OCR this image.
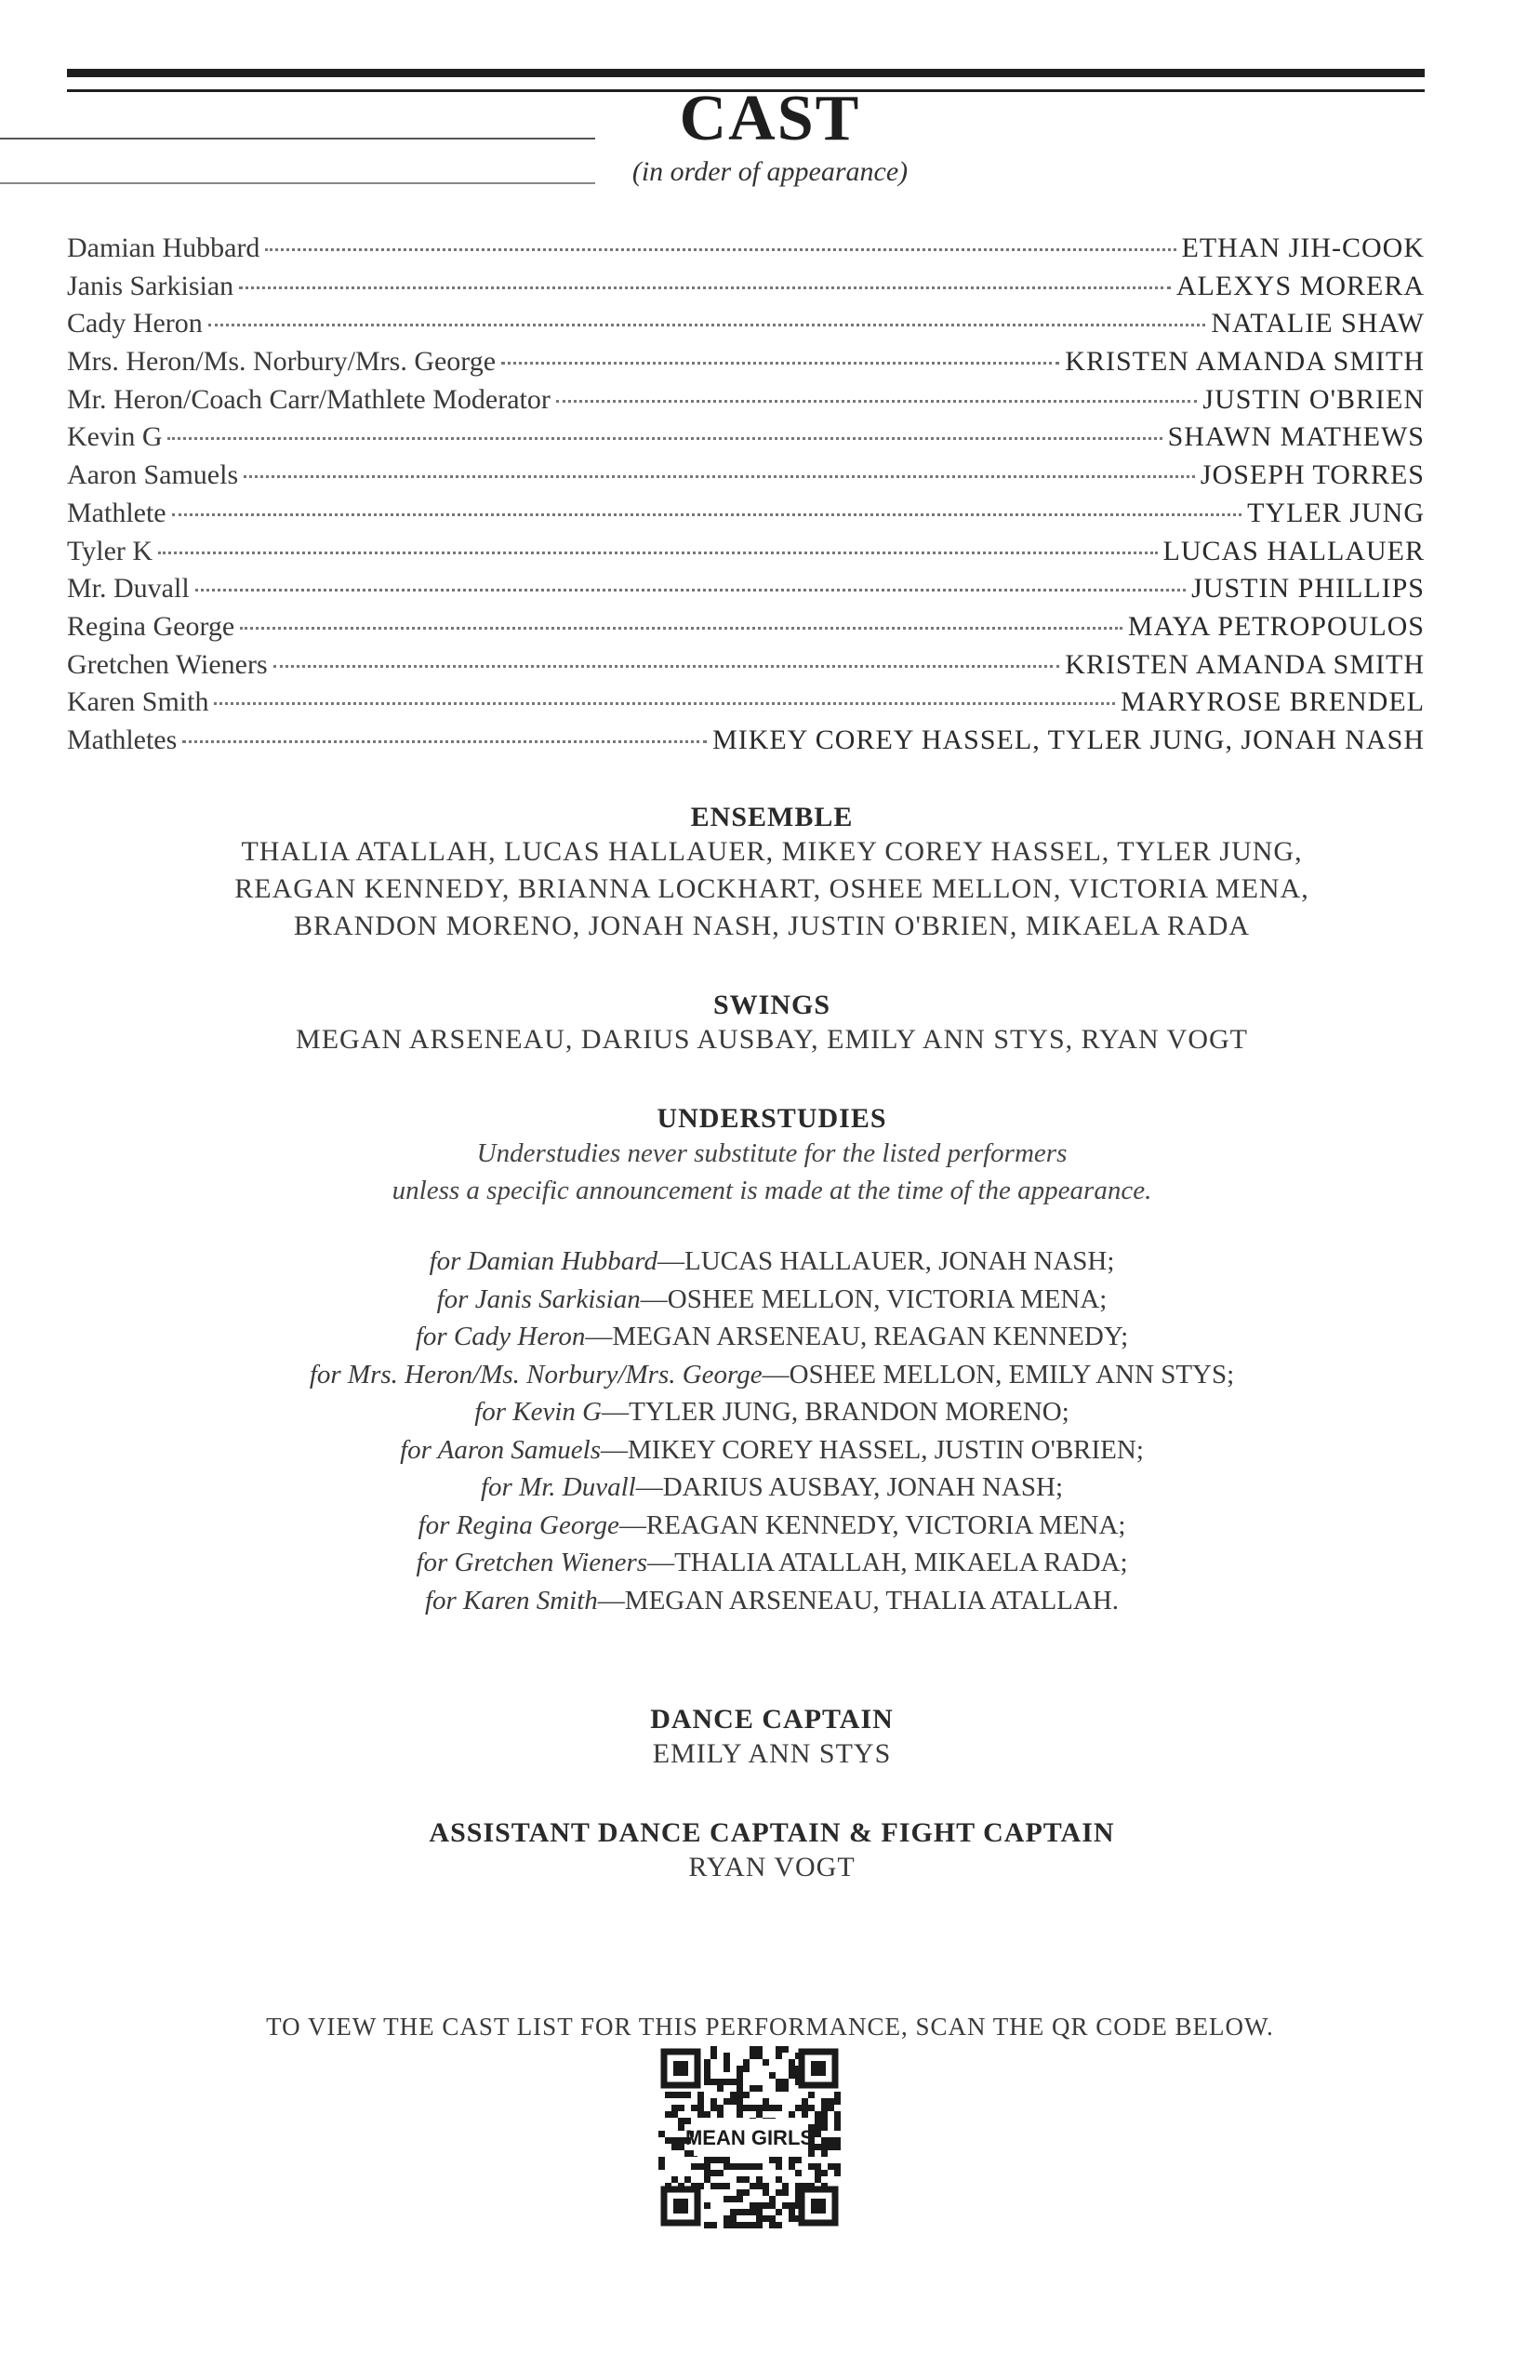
CAST
(in order of appearance)
Damian Hubbard	ETHAN JIH-COOK
Janis Sarkisian	ALEXYS MORERA
Cady Heron	NATALIE SHAW
Mrs. Heron/Ms. Norbury/Mrs. George	KRISTEN AMANDA SMITH
Mr. Heron/Coach Carr/Mathlete Moderator	JUSTIN O'BRIEN
Kevin G	SHAWN MATHEWS
Aaron Samuels	JOSEPH TORRES
Mathlete	TYLER JUNG
Tyler K	LUCAS HALLAUER
Mr. Duvall	JUSTIN PHILLIPS
Regina George	MAYA PETROPOULOS
Gretchen Wieners	KRISTEN AMANDA SMITH
Karen Smith	MARYROSE BRENDEL
Mathletes	MIKEY COREY HASSEL, TYLER JUNG, JONAH NASH
ENSEMBLE
THALIA ATALLAH, LUCAS HALLAUER, MIKEY COREY HASSEL, TYLER JUNG,
REAGAN KENNEDY, BRIANNA LOCKHART, OSHEE MELLON, VICTORIA MENA,
BRANDON MORENO, JONAH NASH, JUSTIN O'BRIEN, MIKAELA RADA
SWINGS
MEGAN ARSENEAU, DARIUS AUSBAY, EMILY ANN STYS, RYAN VOGT
UNDERSTUDIES
Understudies never substitute for the listed performers
unless a specific announcement is made at the time of the appearance.
for Damian Hubbard—LUCAS HALLAUER, JONAH NASH;
for Janis Sarkisian—OSHEE MELLON, VICTORIA MENA;
for Cady Heron—MEGAN ARSENEAU, REAGAN KENNEDY;
for Mrs. Heron/Ms. Norbury/Mrs. George—OSHEE MELLON, EMILY ANN STYS;
for Kevin G—TYLER JUNG, BRANDON MORENO;
for Aaron Samuels—MIKEY COREY HASSEL, JUSTIN O'BRIEN;
for Mr. Duvall—DARIUS AUSBAY, JONAH NASH;
for Regina George—REAGAN KENNEDY, VICTORIA MENA;
for Gretchen Wieners—THALIA ATALLAH, MIKAELA RADA;
for Karen Smith—MEGAN ARSENEAU, THALIA ATALLAH.
DANCE CAPTAIN
EMILY ANN STYS
ASSISTANT DANCE CAPTAIN & FIGHT CAPTAIN
RYAN VOGT
TO VIEW THE CAST LIST FOR THIS PERFORMANCE, SCAN THE QR CODE BELOW.
MEAN GIRLS
